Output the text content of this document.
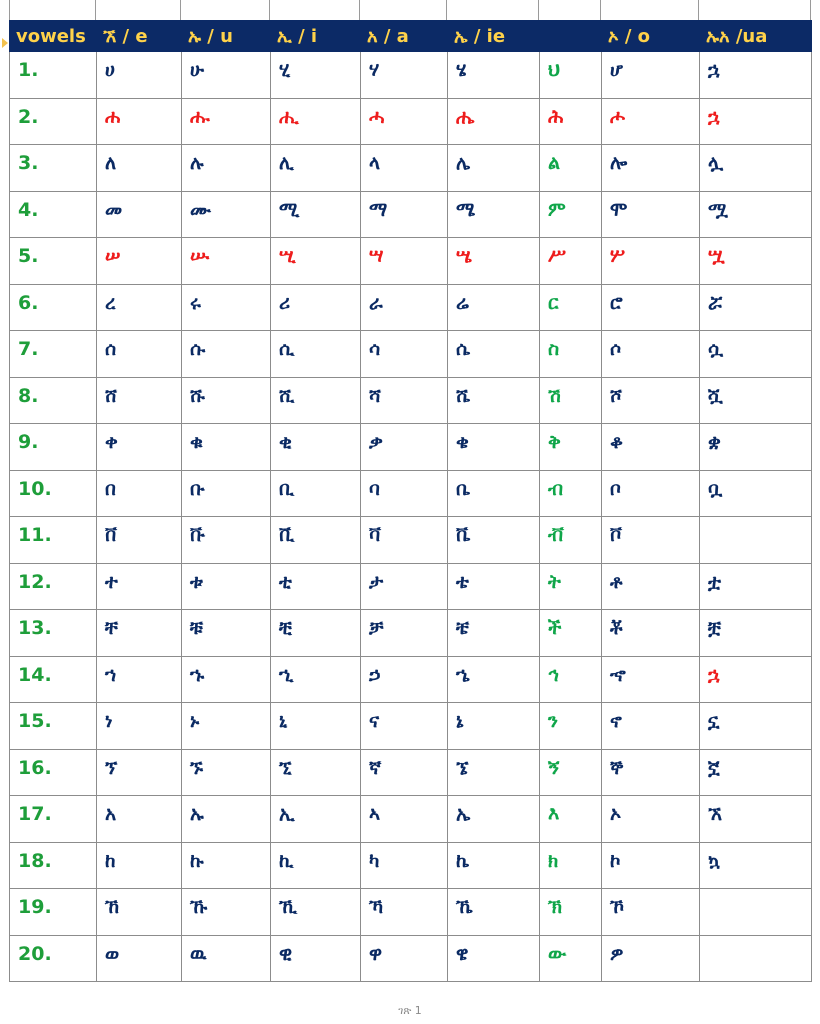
vowels	ኧ / e	ኡ / u	ኢ / i	አ / a	ኤ / ie		ኦ / o	ኡአ /ua
1.	ሀ	ሁ	ሂ	ሃ	ሄ	ህ	ሆ	ኋ
2.	ሐ	ሑ	ሒ	ሓ	ሔ	ሕ	ሖ	ኋ
3.	ለ	ሉ	ሊ	ላ	ሌ	ል	ሎ	ሏ
4.	መ	ሙ	ሚ	ማ	ሜ	ም	ሞ	ሟ
5.	ሠ	ሡ	ሢ	ሣ	ሤ	ሥ	ሦ	ሧ
6.	ረ	ሩ	ሪ	ራ	ሬ	ር	ሮ	ሯ
7.	ሰ	ሱ	ሲ	ሳ	ሴ	ስ	ሶ	ሷ
8.	ሸ	ሹ	ሺ	ሻ	ሼ	ሽ	ሾ	ሿ
9.	ቀ	ቁ	ቂ	ቃ	ቄ	ቅ	ቆ	ቋ
10.	በ	ቡ	ቢ	ባ	ቤ	ብ	ቦ	ቧ
11.	ቨ	ቩ	ቪ	ቫ	ቬ	ቭ	ቮ	
12.	ተ	ቱ	ቲ	ታ	ቴ	ት	ቶ	ቷ
13.	ቸ	ቹ	ቺ	ቻ	ቼ	ች	ቾ	ቿ
14.	ኀ	ኁ	ኂ	ኃ	ኄ	ኅ	ኆ	ኋ
15.	ነ	ኑ	ኒ	ና	ኔ	ን	ኖ	ኗ
16.	ኘ	ኙ	ኚ	ኛ	ኜ	ኝ	ኞ	ኟ
17.	አ	ኡ	ኢ	ኣ	ኤ	እ	ኦ	ኧ
18.	ከ	ኩ	ኪ	ካ	ኬ	ክ	ኮ	ኳ
19.	ኸ	ኹ	ኺ	ኻ	ኼ	ኽ	ኾ	
20.	ወ	ዉ	ዊ	ዋ	ዌ	ው	ዎ	
ገጽ 1
